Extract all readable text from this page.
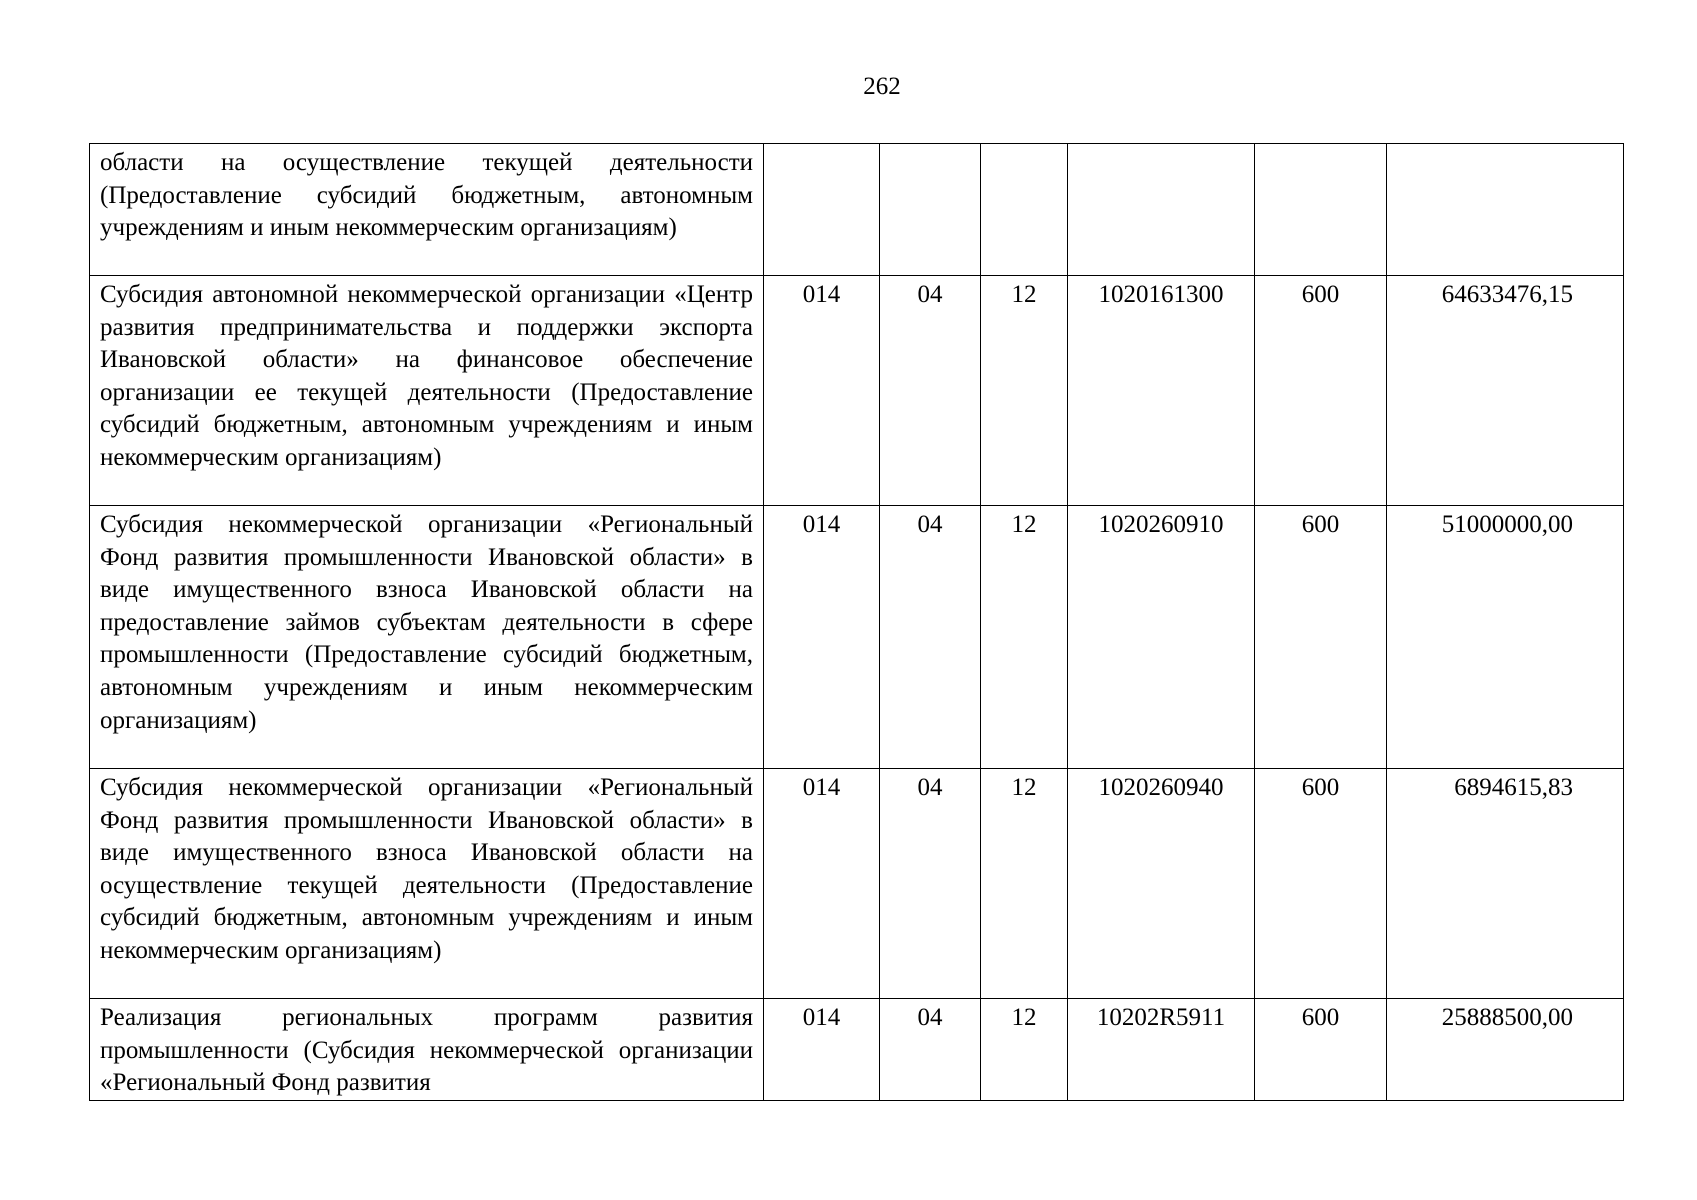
262
области на осуществление текущей деятельности (Предоставление субсидий бюджетным, автономным учреждениям и иным некоммерческим организациям)						

Субсидия автономной некоммерческой организации «Центр развития предпринимательства и поддержки экспорта Ивановской области» на финансовое обеспечение организации ее текущей деятельности (Предоставление субсидий бюджетным, автономным учреждениям и иным некоммерческим организациям)	014	04	12	1020161300	600	64633476,15

Субсидия некоммерческой организации «Региональный Фонд развития промышленности Ивановской области» в виде имущественного взноса Ивановской области на предоставление займов субъектам деятельности в сфере промышленности (Предоставление субсидий бюджетным, автономным учреждениям и иным некоммерческим организациям)	014	04	12	1020260910	600	51000000,00

Субсидия некоммерческой организации «Региональный Фонд развития промышленности Ивановской области» в виде имущественного взноса Ивановской области на осуществление текущей деятельности (Предоставление субсидий бюджетным, автономным учреждениям и иным некоммерческим организациям)	014	04	12	1020260940	600	6894615,83

Реализация региональных программ развития промышленности (Субсидия некоммерческой организации «Региональный Фонд развития	014	04	12	10202R5911	600	25888500,00
